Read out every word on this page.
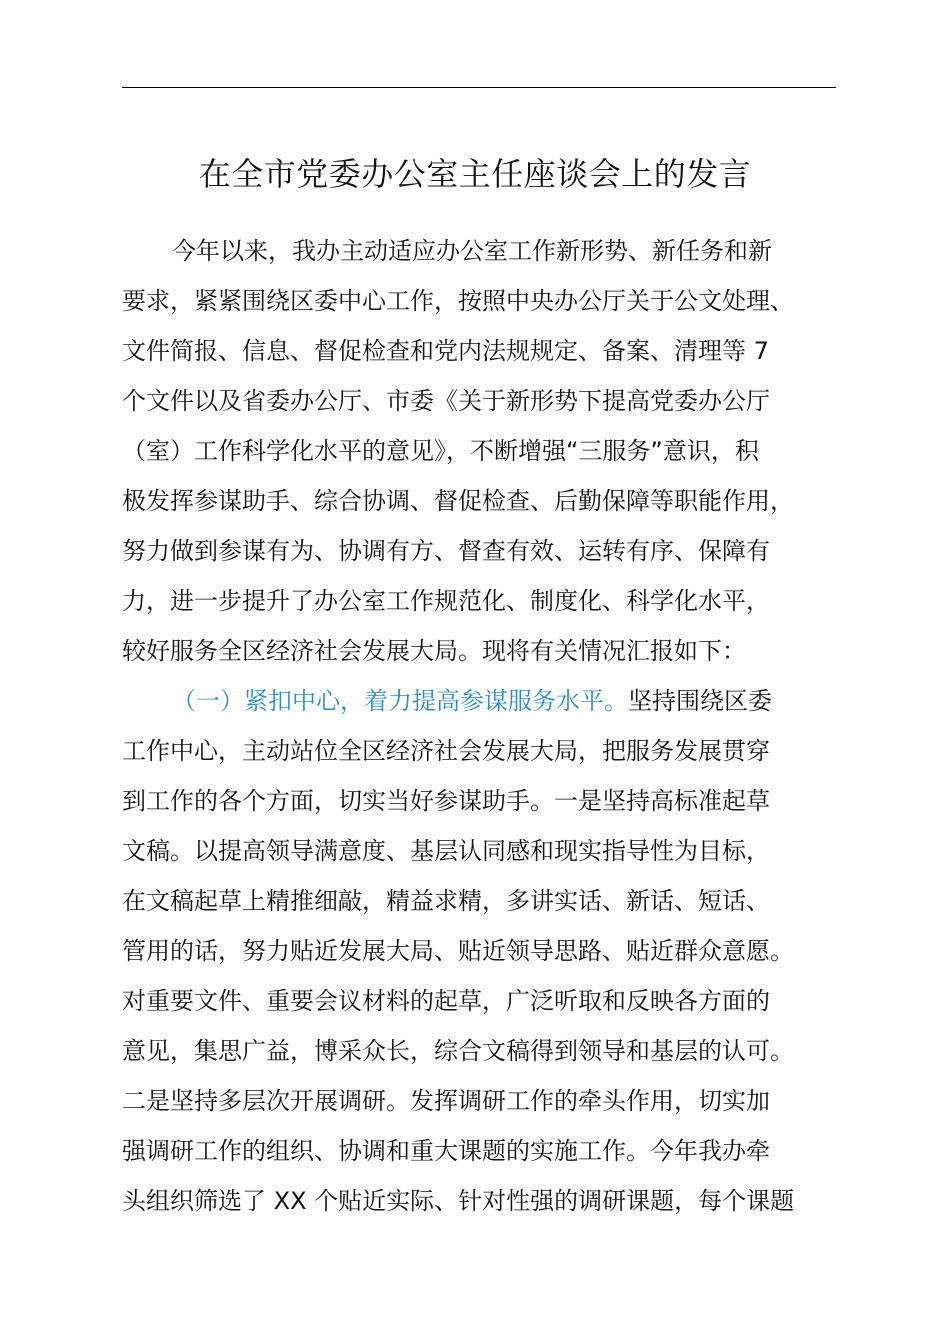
在全市党委办公室主任座谈会上的发言
今年以来，我办主动适应办公室工作新形势、新任务和新
要求，紧紧围绕区委中心工作，按照中央办公厅关于公文处理、
文件简报、信息、督促检查和党内法规规定、备案、清理等 7
个文件以及省委办公厅、市委《关于新形势下提高党委办公厅
（室）工作科学化水平的意见》，不断增强“三服务”意识，积
极发挥参谋助手、综合协调、督促检查、后勤保障等职能作用，
努力做到参谋有为、协调有方、督查有效、运转有序、保障有
力，进一步提升了办公室工作规范化、制度化、科学化水平，
较好服务全区经济社会发展大局。现将有关情况汇报如下：
（一）紧扣中心，着力提高参谋服务水平。坚持围绕区委
工作中心，主动站位全区经济社会发展大局，把服务发展贯穿
到工作的各个方面，切实当好参谋助手。一是坚持高标准起草
文稿。以提高领导满意度、基层认同感和现实指导性为目标，
在文稿起草上精推细敲，精益求精，多讲实话、新话、短话、
管用的话，努力贴近发展大局、贴近领导思路、贴近群众意愿。
对重要文件、重要会议材料的起草，广泛听取和反映各方面的
意见，集思广益，博采众长，综合文稿得到领导和基层的认可。
二是坚持多层次开展调研。发挥调研工作的牵头作用，切实加
强调研工作的组织、协调和重大课题的实施工作。今年我办牵
头组织筛选了 XX 个贴近实际、针对性强的调研课题，每个课题
